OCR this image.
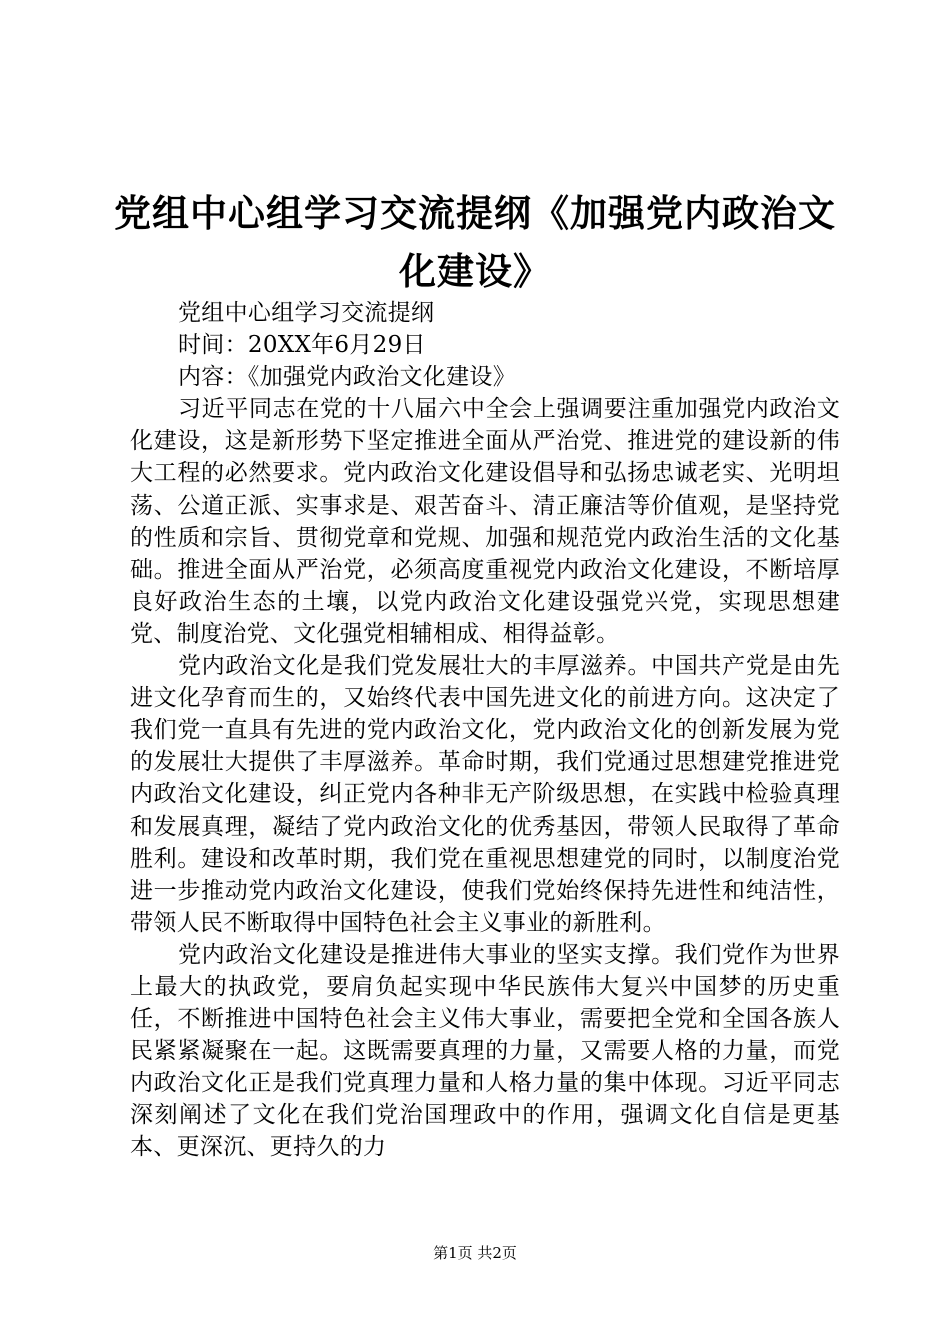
党组中心组学习交流提纲《加强党内政治文化建设》

党组中心组学习交流提纲

时间：20XX年6月29日

内容：《加强党内政治文化建设》

习近平同志在党的十八届六中全会上强调要注重加强党内政治文化建设，这是新形势下坚定推进全面从严治党、推进党的建设新的伟大工程的必然要求。党内政治文化建设倡导和弘扬忠诚老实、光明坦荡、公道正派、实事求是、艰苦奋斗、清正廉洁等价值观，是坚持党的性质和宗旨、贯彻党章和党规、加强和规范党内政治生活的文化基础。推进全面从严治党，必须高度重视党内政治文化建设，不断培厚良好政治生态的土壤，以党内政治文化建设强党兴党，实现思想建党、制度治党、文化强党相辅相成、相得益彰。

党内政治文化是我们党发展壮大的丰厚滋养。中国共产党是由先进文化孕育而生的，又始终代表中国先进文化的前进方向。这决定了我们党一直具有先进的党内政治文化，党内政治文化的创新发展为党的发展壮大提供了丰厚滋养。革命时期，我们党通过思想建党推进党内政治文化建设，纠正党内各种非无产阶级思想，在实践中检验真理和发展真理，凝结了党内政治文化的优秀基因，带领人民取得了革命胜利。建设和改革时期，我们党在重视思想建党的同时，以制度治党进一步推动党内政治文化建设，使我们党始终保持先进性和纯洁性，带领人民不断取得中国特色社会主义事业的新胜利。

党内政治文化建设是推进伟大事业的坚实支撑。我们党作为世界上最大的执政党，要肩负起实现中华民族伟大复兴中国梦的历史重任，不断推进中国特色社会主义伟大事业，需要把全党和全国各族人民紧紧凝聚在一起。这既需要真理的力量，又需要人格的力量，而党内政治文化正是我们党真理力量和人格力量的集中体现。习近平同志深刻阐述了文化在我们党治国理政中的作用，强调文化自信是更基本、更深沉、更持久的力

第1页 共2页
